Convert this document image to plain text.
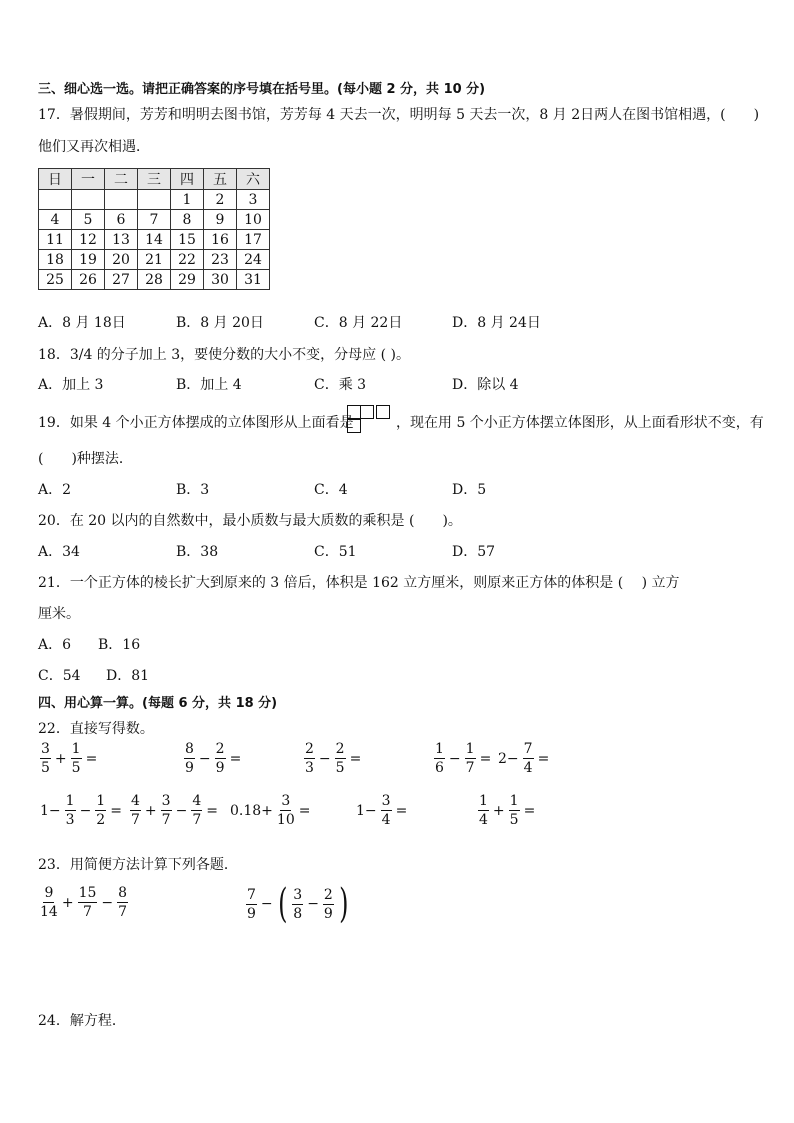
三、细心选一选。请把正确答案的序号填在括号里。(每小题 2 分，共 10 分)
17．暑假期间，芳芳和明明去图书馆，芳芳每 4 天去一次，明明每 5 天去一次，8 月 2日两人在图书馆相遇，(　　)
他们又再次相遇．
日	一	二	三	四	五	六
				1	2	3
4	5	6	7	8	9	10
11	12	13	14	15	16	17
18	19	20	21	22	23	24
25	26	27	28	29	30	31
A．8 月 18日	B．8 月 20日	C．8 月 22日	D．8 月 24日
18．3/4 的分子加上 3，要使分数的大小不变，分母应 ( )。
A．加上 3	B．加上 4	C．乘 3	D．除以 4
19．如果 4 个小正方体摆成的立体图形从上面看是	，现在用 5 个小正方体摆立体图形，从上面看形状不变，有
(　　)种摆法．
A．2	B．3	C．4	D．5
20．在 20 以内的自然数中，最小质数与最大质数的乘积是 (　　)。
A．34	B．38	C．51	D．57
21．一个正方体的棱长扩大到原来的 3 倍后，体积是 162 立方厘米，则原来正方体的体积是 (　 ) 立方
厘米。
A．6 B．16
C．54 D．81
四、用心算一算。(每题 6 分，共 18 分)
22．直接写得数。
$\frac{3}{5} + \frac{1}{5}$ =	$\frac{8}{9} - \frac{2}{9}$ =	$\frac{2}{3} - \frac{2}{5}$ =	$\frac{1}{6} - \frac{1}{7} = 2- \frac{7}{4}$ =
$1- \frac{1}{3} - \frac{1}{2} = \frac{4}{7} + \frac{3}{7} - \frac{4}{7} = 0.18+ \frac{3}{10}$ =	$1- \frac{3}{4}$ =	$\frac{1}{4} + \frac{1}{5}$ =
23．用简便方法计算下列各题．
$\frac{9}{14} + \frac{15}{7} - \frac{8}{7}$	$\frac{7}{9}$ − ( $\frac{3}{8} - \frac{2}{9}$ )
24．解方程．
